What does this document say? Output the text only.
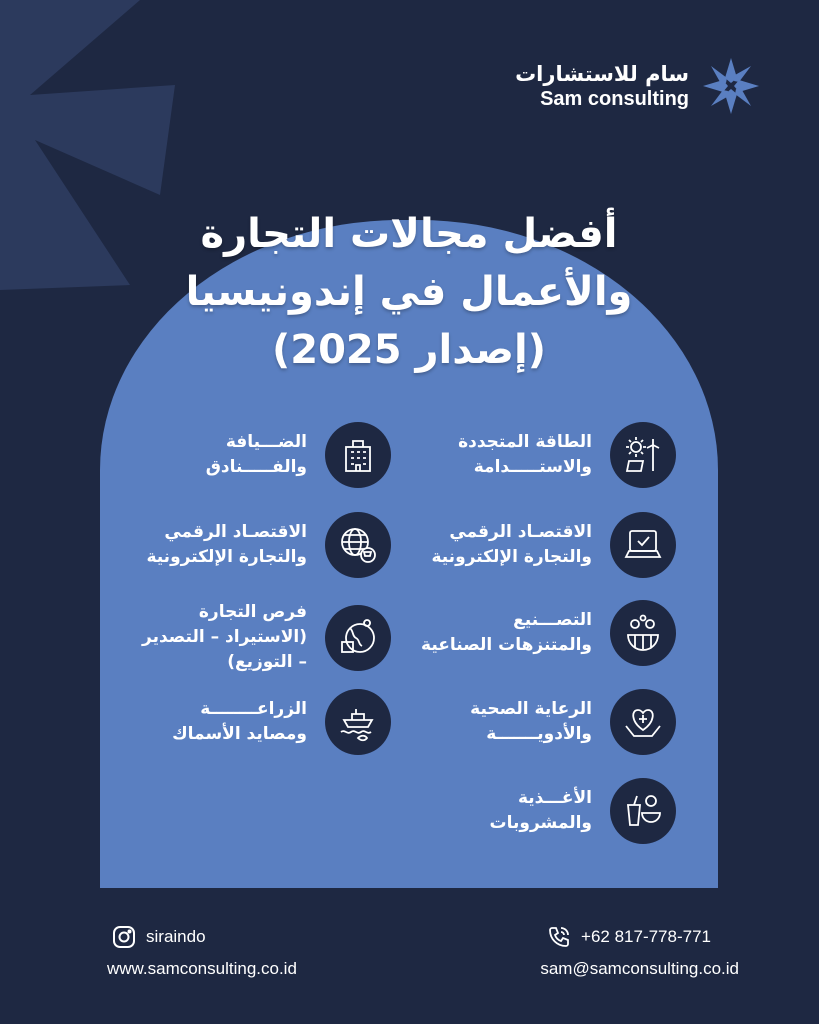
سام للاستشارات
Sam consulting
أفضل مجالات التجارة
والأعمال في إندونيسيا
(إصدار 2025)
الطاقة المتجددة
والاستـــــدامة
الاقتصـاد الرقمي
والتجارة الإلكترونية
التصـــنيع
والمتنزهات الصناعية
الرعاية الصحية
والأدويـــــــة
الأغـــذية
والمشروبات
الضـــيافة
والفـــــنادق
الاقتصـاد الرقمي
والتجارة الإلكترونية
فرص التجارة
(الاستيراد – التصدير
– التوزيع)
الزراعــــــــة
ومصايد الأسماك
siraindo
www.samconsulting.co.id
+62 817-778-771
sam@samconsulting.co.id
